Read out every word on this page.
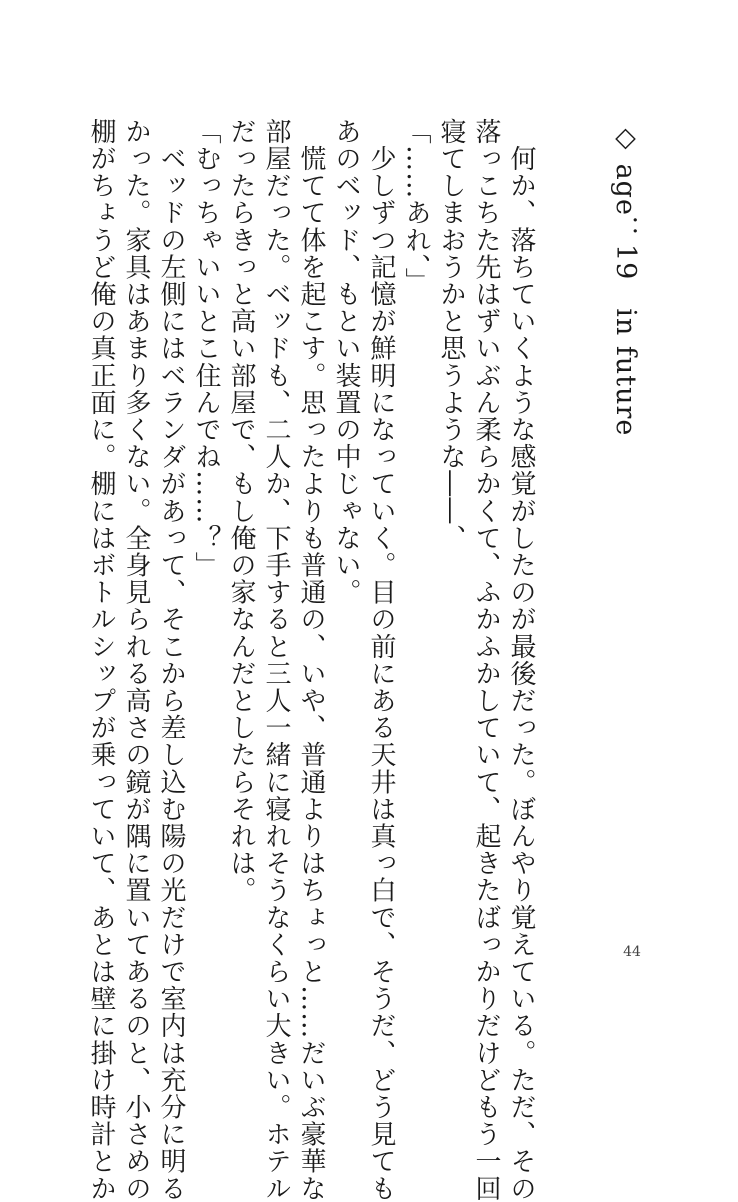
◇ age：19　in future
　何か、落ちていくような感覚がしたのが最後だった。ぼんやり覚えている。ただ、その
落っこちた先はずいぶん柔らかくて、ふかふかしていて、起きたばっかりだけどもう一回
寝てしまおうかと思うような――、
「……あれ、」
　少しずつ記憶が鮮明になっていく。目の前にある天井は真っ白で、そうだ、どう見ても
あのベッド、もとい装置の中じゃない。
　慌てて体を起こす。思ったよりも普通の、いや、普通よりはちょっと……だいぶ豪華な
部屋だった。ベッドも、二人か、下手すると三人一緒に寝れそうなくらい大きい。ホテル
だったらきっと高い部屋で、もし俺の家なんだとしたらそれは。
「むっちゃいいとこ住んでね……？」
　ベッドの左側にはベランダがあって、そこから差し込む陽の光だけで室内は充分に明る
かった。家具はあまり多くない。全身見られる高さの鏡が隅に置いてあるのと、小さめの
棚がちょうど俺の真正面に。棚にはボトルシップが乗っていて、あとは壁に掛け時計とか	44
